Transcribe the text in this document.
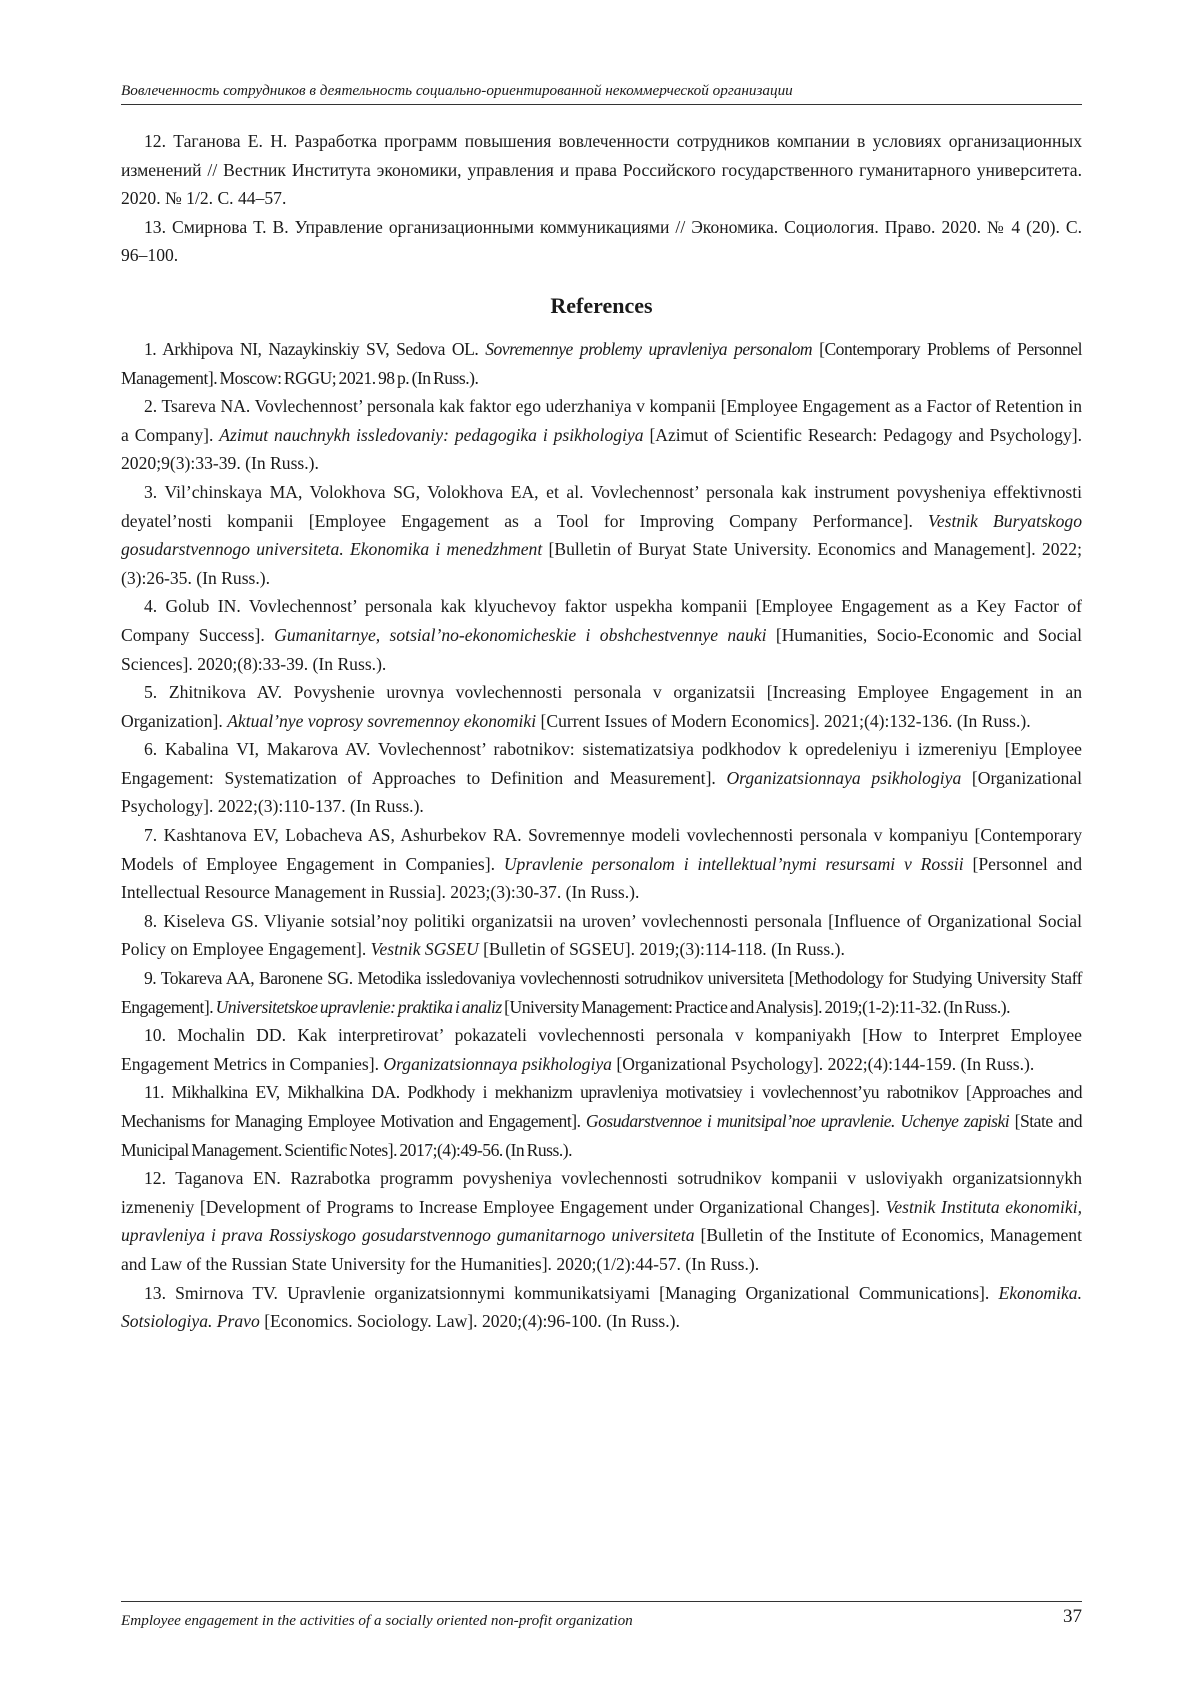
Вовлеченность сотрудников в деятельность социально-ориентированной некоммерческой организации

12. Таганова Е. Н. Разработка программ повышения вовлеченности сотрудников компании в условиях организационных изменений // Вестник Института экономики, управления и права Российского государственного гуманитарного университета. 2020. № 1/2. С. 44–57.

13. Смирнова Т. В. Управление организационными коммуникациями // Экономика. Социология. Право. 2020. № 4 (20). С. 96–100.

References

1. Arkhipova NI, Nazaykinskiy SV, Sedova OL. Sovremennye problemy upravleniya personalom [Contemporary Problems of Personnel Management]. Moscow: RGGU; 2021. 98 p. (In Russ.).

2. Tsareva NA. Vovlechennost’ personala kak faktor ego uderzhaniya v kompanii [Employee Engagement as a Factor of Retention in a Company]. Azimut nauchnykh issledovaniy: pedagogika i psikhologiya [Azimut of Scientific Research: Pedagogy and Psychology]. 2020;9(3):33-39. (In Russ.).

3. Vil’chinskaya MA, Volokhova SG, Volokhova EA, et al. Vovlechennost’ personala kak instrument povysheniya effektivnosti deyatel’nosti kompanii [Employee Engagement as a Tool for Improving Company Performance]. Vestnik Buryatskogo gosudarstvennogo universiteta. Ekonomika i menedzhment [Bulletin of Buryat State University. Economics and Management]. 2022;(3):26-35. (In Russ.).

4. Golub IN. Vovlechennost’ personala kak klyuchevoy faktor uspekha kompanii [Employee Engagement as a Key Factor of Company Success]. Gumanitarnye, sotsial’no-ekonomicheskie i obshchestvennye nauki [Humanities, Socio-Economic and Social Sciences]. 2020;(8):33-39. (In Russ.).

5. Zhitnikova AV. Povyshenie urovnya vovlechennosti personala v organizatsii [Increasing Employee Engagement in an Organization]. Aktual’nye voprosy sovremennoy ekonomiki [Current Issues of Modern Economics]. 2021;(4):132-136. (In Russ.).

6. Kabalina VI, Makarova AV. Vovlechennost’ rabotnikov: sistematizatsiya podkhodov k opredeleniyu i izmereniyu [Employee Engagement: Systematization of Approaches to Definition and Measurement]. Organizatsionnaya psikhologiya [Organizational Psychology]. 2022;(3):110-137. (In Russ.).

7. Kashtanova EV, Lobacheva AS, Ashurbekov RA. Sovremennye modeli vovlechennosti personala v kompaniyu [Contemporary Models of Employee Engagement in Companies]. Upravlenie personalom i intellektual’nymi resursami v Rossii [Personnel and Intellectual Resource Management in Russia]. 2023;(3):30-37. (In Russ.).

8. Kiseleva GS. Vliyanie sotsial’noy politiki organizatsii na uroven’ vovlechennosti personala [Influence of Organizational Social Policy on Employee Engagement]. Vestnik SGSEU [Bulletin of SGSEU]. 2019;(3):114-118. (In Russ.).

9. Tokareva AA, Baronene SG. Metodika issledovaniya vovlechennosti sotrudnikov universiteta [Methodology for Studying University Staff Engagement]. Universitetskoe upravlenie: praktika i analiz [University Management: Practice and Analysis]. 2019;(1-2):11-32. (In Russ.).

10. Mochalin DD. Kak interpretirovat’ pokazateli vovlechennosti personala v kompaniyakh [How to Interpret Employee Engagement Metrics in Companies]. Organizatsionnaya psikhologiya [Organizational Psychology]. 2022;(4):144-159. (In Russ.).

11. Mikhalkina EV, Mikhalkina DA. Podkhody i mekhanizm upravleniya motivatsiey i vovlechennost’yu rabotnikov [Approaches and Mechanisms for Managing Employee Motivation and Engagement]. Gosudarstvennoe i munitsipal’noe upravlenie. Uchenye zapiski [State and Municipal Management. Scientific Notes]. 2017;(4):49-56. (In Russ.).

12. Taganova EN. Razrabotka programm povysheniya vovlechennosti sotrudnikov kompanii v usloviyakh organizatsionnykh izmeneniy [Development of Programs to Increase Employee Engagement under Organizational Changes]. Vestnik Instituta ekonomiki, upravleniya i prava Rossiyskogo gosudarstvennogo gumanitarnogo universiteta [Bulletin of the Institute of Economics, Management and Law of the Russian State University for the Humanities]. 2020;(1/2):44-57. (In Russ.).

13. Smirnova TV. Upravlenie organizatsionnymi kommunikatsiyami [Managing Organizational Communications]. Ekonomika. Sotsiologiya. Pravo [Economics. Sociology. Law]. 2020;(4):96-100. (In Russ.).

Employee engagement in the activities of a socially oriented non-profit organization	37
